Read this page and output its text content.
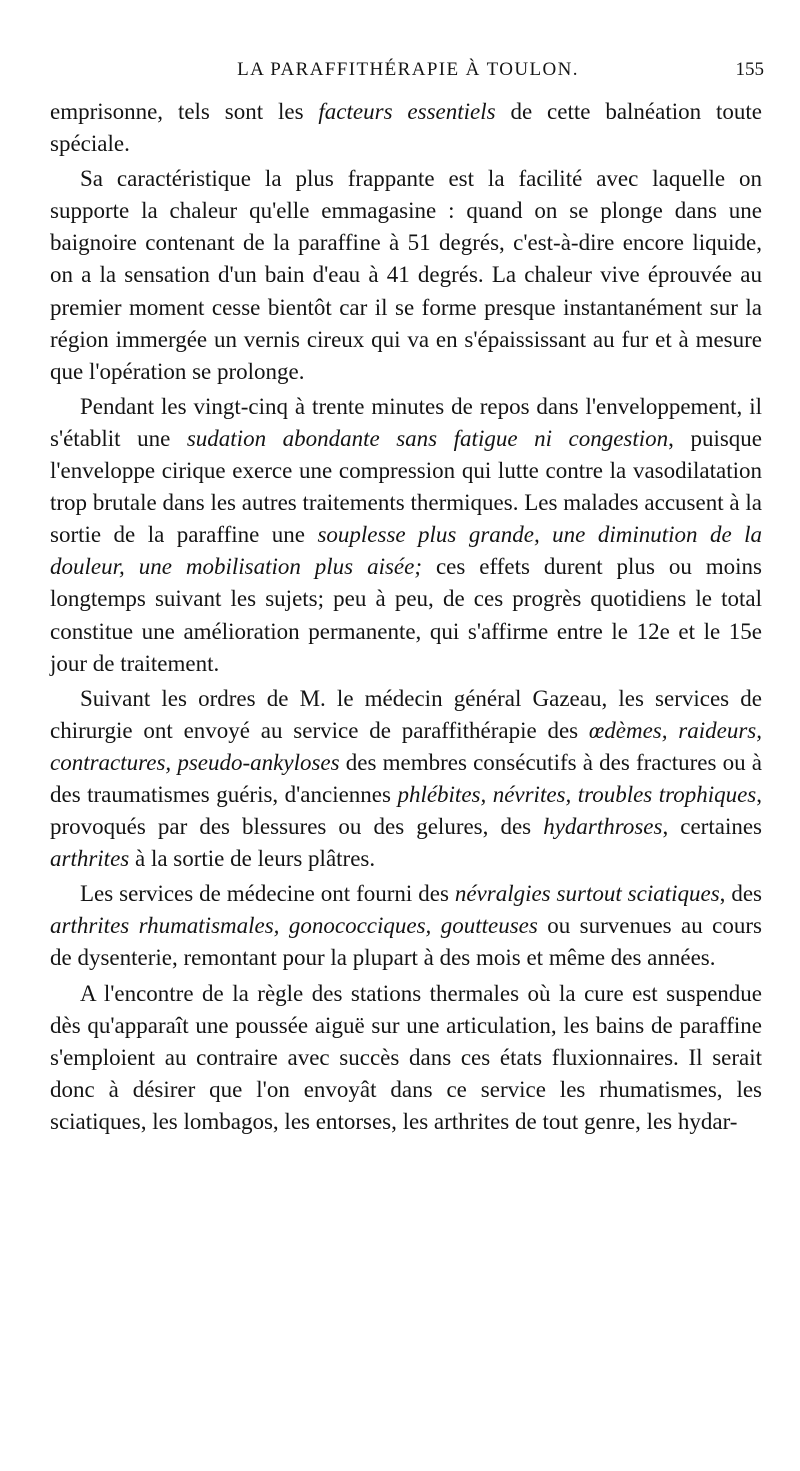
LA PARAFFITHÉRAPIE À TOULON.	155

emprisonne, tels sont les facteurs essentiels de cette balnéation toute spéciale.

Sa caractéristique la plus frappante est la facilité avec laquelle on supporte la chaleur qu'elle emmagasine : quand on se plonge dans une baignoire contenant de la paraffine à 51 degrés, c'est-à-dire encore liquide, on a la sensation d'un bain d'eau à 41 degrés. La chaleur vive éprouvée au premier moment cesse bientôt car il se forme presque instantanément sur la région immergée un vernis cireux qui va en s'épaississant au fur et à mesure que l'opération se prolonge.

Pendant les vingt-cinq à trente minutes de repos dans l'enveloppement, il s'établit une sudation abondante sans fatigue ni congestion, puisque l'enveloppe cirique exerce une compression qui lutte contre la vasodilatation trop brutale dans les autres traitements thermiques. Les malades accusent à la sortie de la paraffine une souplesse plus grande, une diminution de la douleur, une mobilisation plus aisée; ces effets durent plus ou moins longtemps suivant les sujets; peu à peu, de ces progrès quotidiens le total constitue une amélioration permanente, qui s'affirme entre le 12e et le 15e jour de traitement.

Suivant les ordres de M. le médecin général Gazeau, les services de chirurgie ont envoyé au service de paraffithérapie des œdèmes, raideurs, contractures, pseudo-ankyloses des membres consécutifs à des fractures ou à des traumatismes guéris, d'anciennes phlébites, névrites, troubles trophiques, provoqués par des blessures ou des gelures, des hydarthroses, certaines arthrites à la sortie de leurs plâtres.

Les services de médecine ont fourni des névralgies surtout sciatiques, des arthrites rhumatismales, gonococciques, goutteuses ou survenues au cours de dysenterie, remontant pour la plupart à des mois et même des années.

A l'encontre de la règle des stations thermales où la cure est suspendue dès qu'apparaît une poussée aiguë sur une articulation, les bains de paraffine s'emploient au contraire avec succès dans ces états fluxionnaires. Il serait donc à désirer que l'on envoyât dans ce service les rhumatismes, les sciatiques, les lombagos, les entorses, les arthrites de tout genre, les hydar-
